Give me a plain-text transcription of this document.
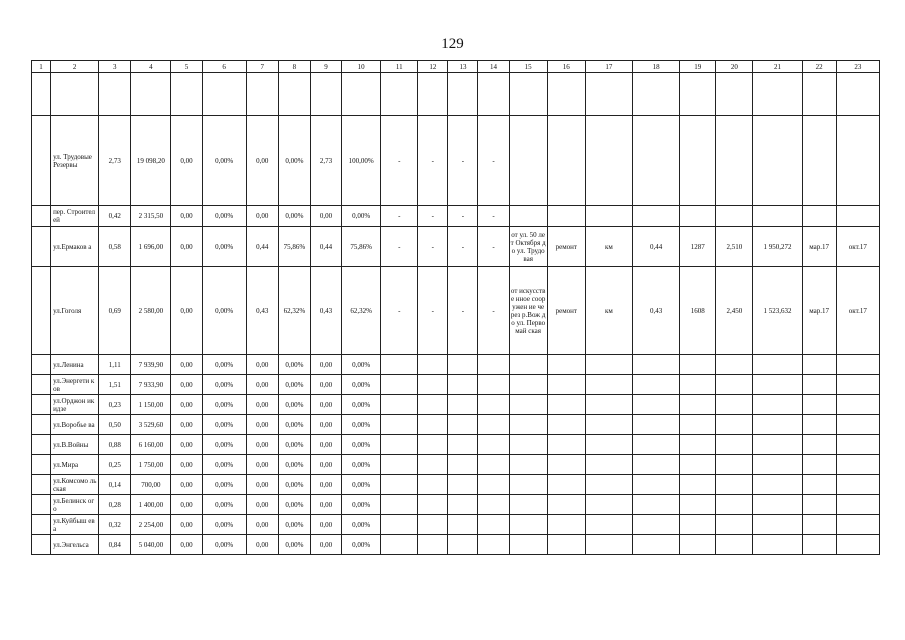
129
1	2	3	4	5	6	7	8	9	10	11	12	13	14	15	16	17	18	19	20	21	22	23

	ул. Трудовые Резервы	2,73	19 098,20	0,00	0,00%	0,00	0,00%	2,73	100,00%	-	-	-	-									
	пер. Строителей	0,42	2 315,50	0,00	0,00%	0,00	0,00%	0,00	0,00%	-	-	-	-									
	ул.Ермаков а	0,58	1 696,00	0,00	0,00%	0,44	75,86%	0,44	75,86%	-	-	-	-	от ул. 50 лет Октября до ул. Трудовая	ремонт	км	0,44	1287	2,510	1 950,272	мар.17	окт.17
	ул.Гоголя	0,69	2 580,00	0,00	0,00%	0,43	62,32%	0,43	62,32%	-	-	-	-	от искусстве нное сооружен ие через р.Вож до ул. Первомай ская	ремонт	км	0,43	1608	2,450	1 523,632	мар.17	окт.17
	ул.Ленина	1,11	7 939,90	0,00	0,00%	0,00	0,00%	0,00	0,00%													
	ул.Энергети ков	1,51	7 933,90	0,00	0,00%	0,00	0,00%	0,00	0,00%													
	ул.Орджон икидзе	0,23	1 150,00	0,00	0,00%	0,00	0,00%	0,00	0,00%													
	ул.Воробье ва	0,50	3 529,60	0,00	0,00%	0,00	0,00%	0,00	0,00%													
	ул.В.Войны	0,88	6 160,00	0,00	0,00%	0,00	0,00%	0,00	0,00%													
	ул.Мира	0,25	1 750,00	0,00	0,00%	0,00	0,00%	0,00	0,00%													
	ул.Комсомо льская	0,14	700,00	0,00	0,00%	0,00	0,00%	0,00	0,00%													
	ул.Белинск ого	0,28	1 400,00	0,00	0,00%	0,00	0,00%	0,00	0,00%													
	ул.Куйбыш ева	0,32	2 254,00	0,00	0,00%	0,00	0,00%	0,00	0,00%													
	ул.Энгельса	0,84	5 040,00	0,00	0,00%	0,00	0,00%	0,00	0,00%													
